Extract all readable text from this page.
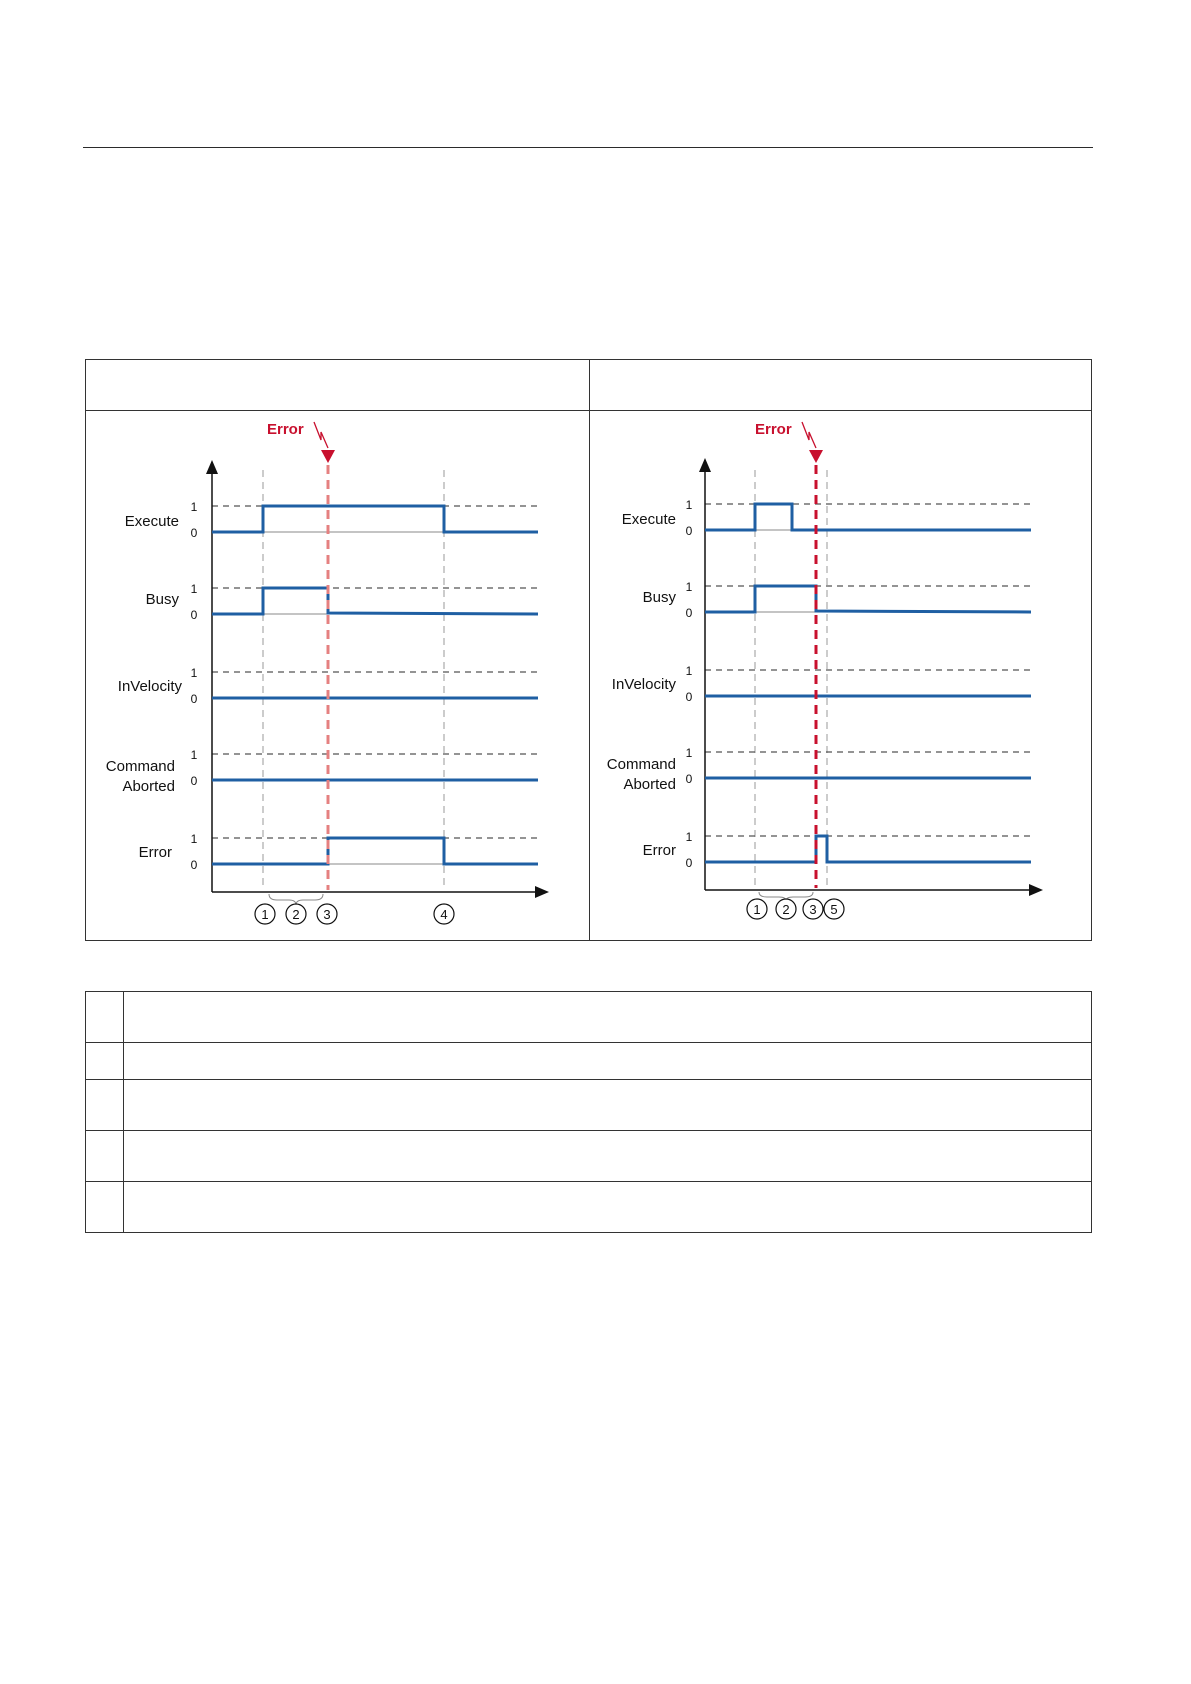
Error
1
0
1
0
1
0
1
0
1
0
Execute
Busy
InVelocity
Command
Aborted
Error
1 2 3	4
Error
1
0
1
0
1
0
1
0
1
0
Execute
Busy
InVelocity
Command
Aborted
Error
1 2 3 5
